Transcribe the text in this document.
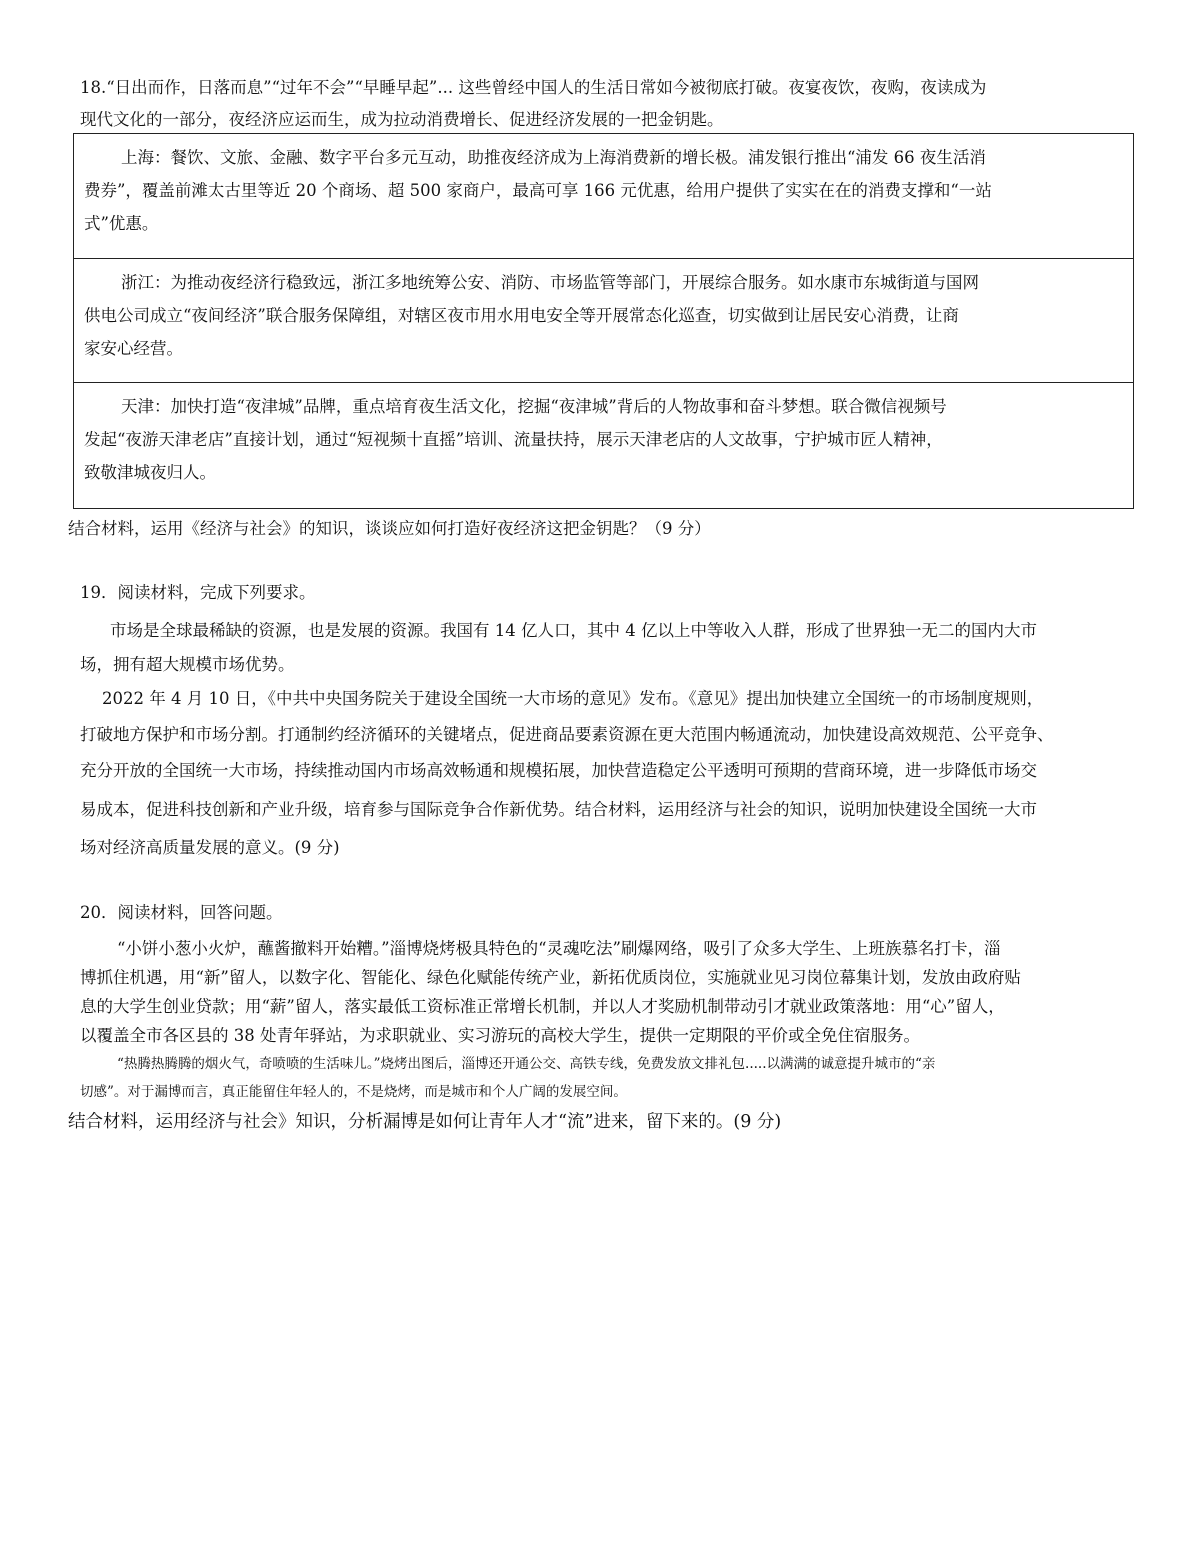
18.“日出而作，日落而息”“过年不会”“早睡早起”... 这些曾经中国人的生活日常如今被彻底打破。夜宴夜饮，夜购，夜读成为
现代文化的一部分，夜经济应运而生，成为拉动消费增长、促进经济发展的一把金钥匙。
上海：餐饮、文旅、金融、数字平台多元互动，助推夜经济成为上海消费新的增长极。浦发银行推出“浦发 66 夜生活消
费券”，覆盖前滩太古里等近 20 个商场、超 500 家商户，最高可享 166 元优惠，给用户提供了实实在在的消费支撑和“一站
式”优惠。
浙江：为推动夜经济行稳致远，浙江多地统筹公安、消防、市场监管等部门，开展综合服务。如水康市东城街道与国网
供电公司成立“夜间经济”联合服务保障组，对辖区夜市用水用电安全等开展常态化巡查，切实做到让居民安心消费，让商
家安心经营。
天津：加快打造“夜津城”品牌，重点培育夜生活文化，挖掘“夜津城”背后的人物故事和奋斗梦想。联合微信视频号
发起“夜游天津老店”直接计划，通过“短视频十直摇”培训、流量扶持，展示天津老店的人文故事，宁护城市匠人精神，
致敬津城夜归人。
结合材料，运用《经济与社会》的知识，谈谈应如何打造好夜经济这把金钥匙？（9 分）
19．阅读材料，完成下列要求。
市场是全球最稀缺的资源，也是发展的资源。我国有 14 亿人口，其中 4 亿以上中等收入人群，形成了世界独一无二的国内大市
场，拥有超大规模市场优势。
2022 年 4 月 10 日，《中共中央国务院关于建设全国统一大市场的意见》发布。《意见》提出加快建立全国统一的市场制度规则，
打破地方保护和市场分割。打通制约经济循环的关键堵点，促进商品要素资源在更大范围内畅通流动，加快建设高效规范、公平竞争、
充分开放的全国统一大市场，持续推动国内市场高效畅通和规模拓展，加快营造稳定公平透明可预期的营商环境，进一步降低市场交
易成本，促进科技创新和产业升级，培育参与国际竞争合作新优势。结合材料，运用经济与社会的知识，说明加快建设全国统一大市
场对经济高质量发展的意义。(9 分)
20．阅读材料，回答问题。
“小饼小葱小火炉，蘸酱撤料开始糟。”淄博烧烤极具特色的“灵魂吃法”刷爆网络，吸引了众多大学生、上班族慕名打卡，淄
博抓住机遇，用“新”留人，以数字化、智能化、绿色化赋能传统产业，新拓优质岗位，实施就业见习岗位幕集计划，发放由政府贴
息的大学生创业贷款；用“薪”留人，落实最低工资标准正常增长机制，并以人才奖励机制带动引才就业政策落地：用“心”留人，
以覆盖全市各区县的 38 处青年驿站，为求职就业、实习游玩的高校大学生，提供一定期限的平价或全免住宿服务。
“热腾热腾腾的烟火气，奇喷喷的生活味儿。”烧烤出图后，淄博还开通公交、高铁专线，免费发放文排礼包.....以满满的诚意提升城市的“亲
切感”。对于漏博而言，真正能留住年轻人的，不是烧烤，而是城市和个人广阔的发展空间。
结合材料，运用经济与社会》知识，分析漏博是如何让青年人才“流”进来，留下来的。(9 分)
